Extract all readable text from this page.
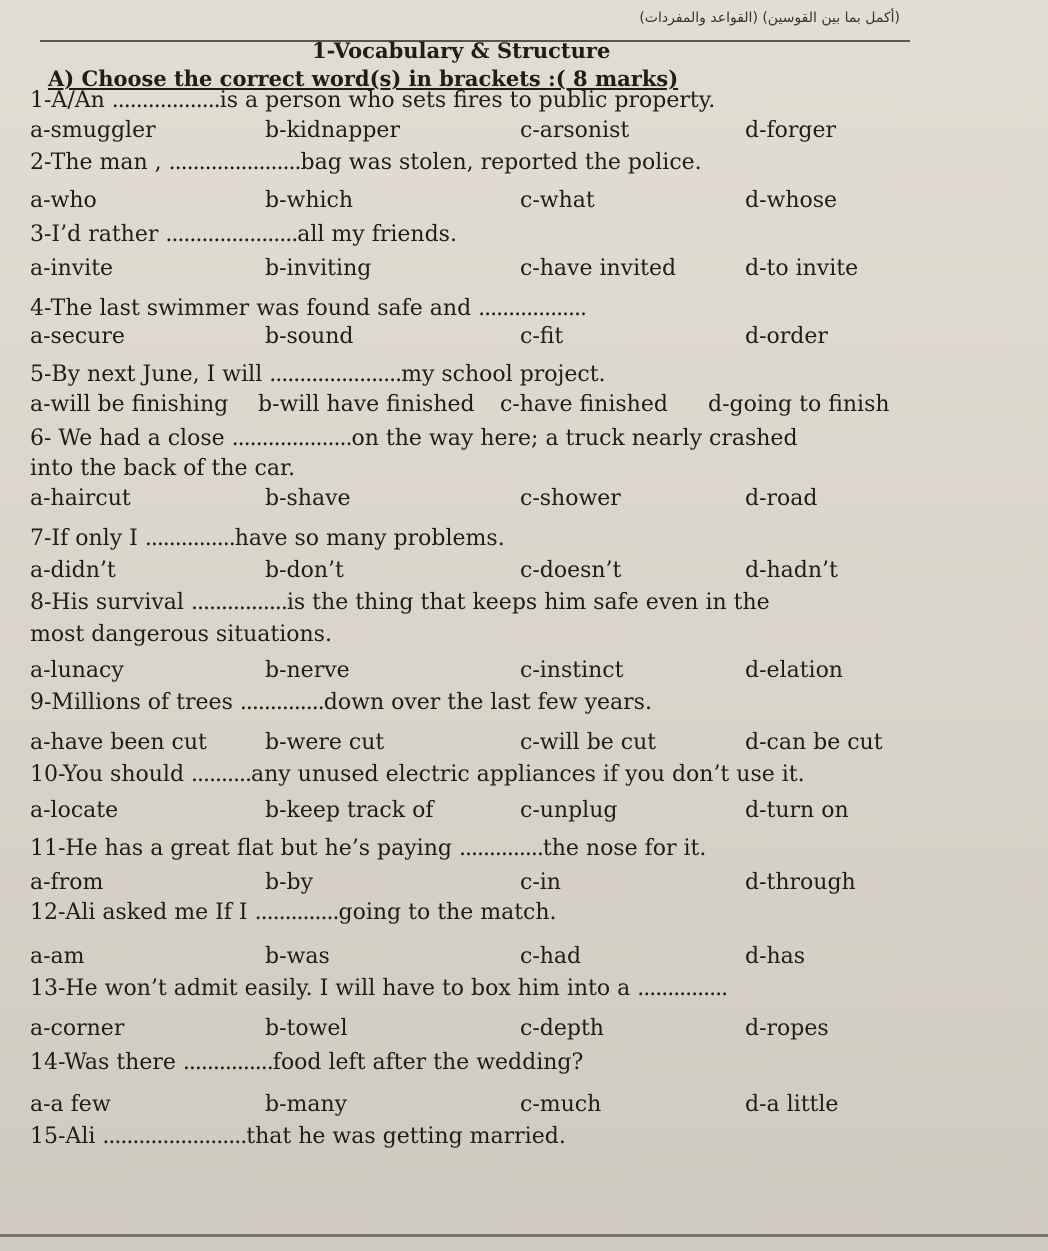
(أكمل بما بين القوسين) (القواعد والمفردات)
1-Vocabulary & Structure
A) Choose the correct word(s) in brackets :( 8 marks)
1-A/An ..................is a person who sets fires to public property.
a-smuggler	b-kidnapper	c-arsonist	d-forger
2-The man , ......................bag was stolen, reported the police.
a-who	b-which	c-what	d-whose
3-I’d rather ......................all my friends.
a-invite	b-inviting	c-have invited	d-to invite
4-The last swimmer was found safe and ..................
a-secure	b-sound	c-fit	d-order
5-By next June, I will ......................my school project.
a-will be finishing b-will have finished c-have finished d-going to finish
6- We had a close ....................on the way here; a truck nearly crashed
into the back of the car.
a-haircut	b-shave	c-shower	d-road
7-If only I ...............have so many problems.
a-didn’t	b-don’t	c-doesn’t	d-hadn’t
8-His survival ................is the thing that keeps him safe even in the
most dangerous situations.
a-lunacy	b-nerve	c-instinct	d-elation
9-Millions of trees ..............down over the last few years.
a-have been cut	b-were cut	c-will be cut	d-can be cut
10-You should ..........any unused electric appliances if you don’t use it.
a-locate	b-keep track of	c-unplug	d-turn on
11-He has a great flat but he’s paying ..............the nose for it.
a-from	b-by	c-in	d-through
12-Ali asked me If I ..............going to the match.
a-am	b-was	c-had	d-has
13-He won’t admit easily. I will have to box him into a ...............
a-corner	b-towel	c-depth	d-ropes
14-Was there ...............food left after the wedding?
a-a few	b-many	c-much	d-a little
15-Ali ........................that he was getting married.
